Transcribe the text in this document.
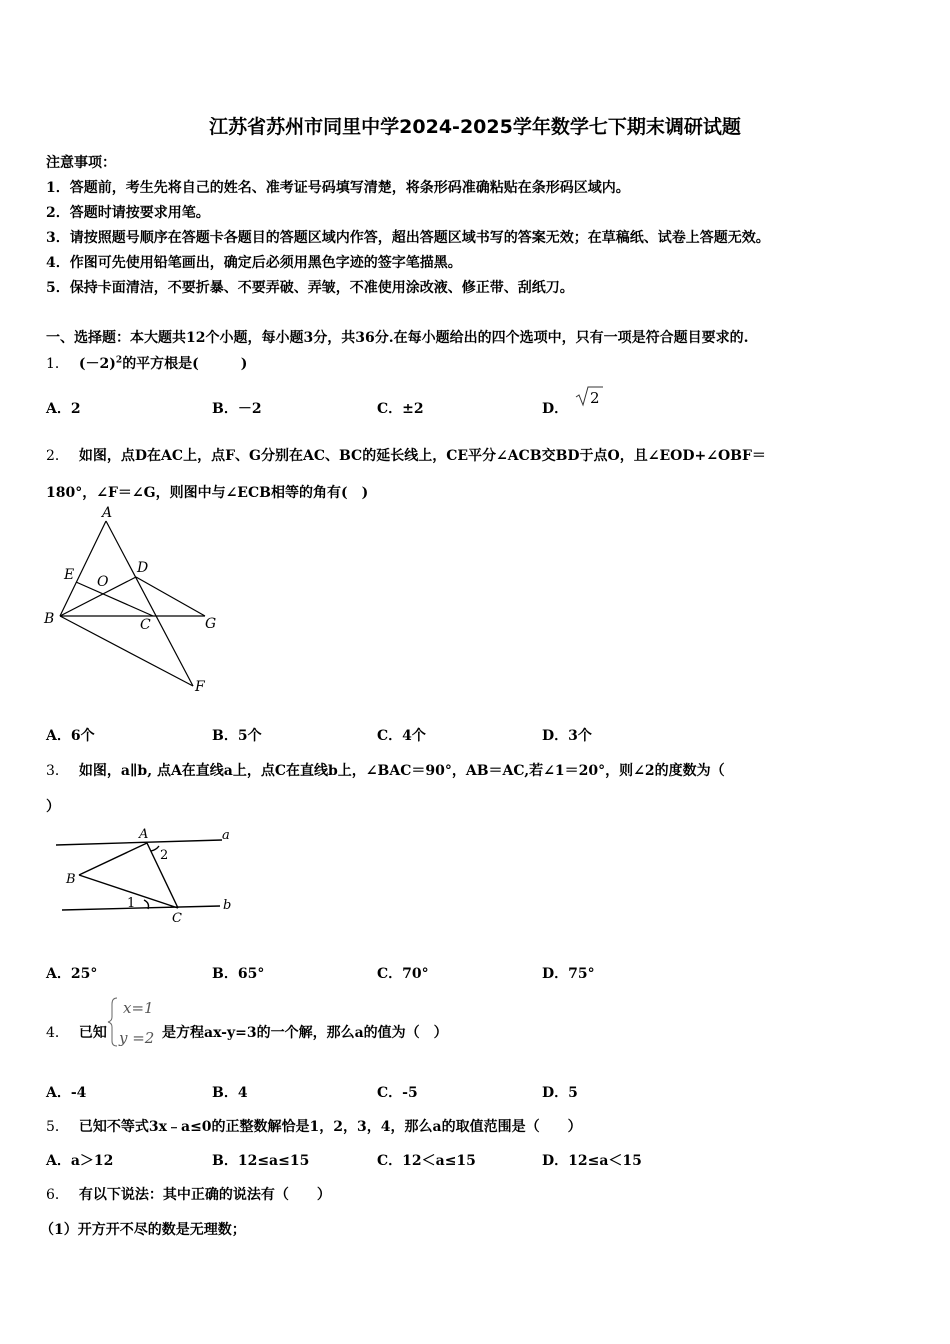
江苏省苏州市同里中学2024-2025学年数学七下期末调研试题
注意事项：
1．答题前，考生先将自己的姓名、准考证号码填写清楚，将条形码准确粘贴在条形码区域内。
2．答题时请按要求用笔。
3．请按照题号顺序在答题卡各题目的答题区域内作答，超出答题区域书写的答案无效；在草稿纸、试卷上答题无效。
4．作图可先使用铅笔画出，确定后必须用黑色字迹的签字笔描黑。
5．保持卡面清洁，不要折暴、不要弄破、弄皱，不准使用涂改液、修正带、刮纸刀。
一、选择题：本大题共12个小题，每小题3分，共36分.在每小题给出的四个选项中，只有一项是符合题目要求的.
1． $(-2)^2$的平方根是(　　　)
A．2	B．－2	C．±2	D．
2
2． 如图，点D在AC上，点F、G分别在AC、BC的延长线上，CE平分∠ACB交BD于点O，且∠EOD+∠OBF＝
180°，∠F＝∠G，则图中与∠ECB相等的角有(　)
A
E O
D
B	C	G
F
A．6个	B．5个	C．4个	D．3个
3． 如图，a∥b, 点A在直线a上，点C在直线b上，∠BAC＝90°，AB＝AC,若∠1＝20°，则∠2的度数为（
）
A	a
2
B
1
C
b
A．25°	B．65°	C．70°	D．75°
4． 已知
x=1
y =2 是方程ax-y=3的一个解，那么a的值为（　）
A．-4	B．4	C．-5	D．5
5． 已知不等式3x﹣a≤0的正整数解恰是1，2，3，4，那么a的取值范围是（　　）
A．a＞12	B．12≤a≤15	C．12＜a≤15	D．12≤a＜15
6． 有以下说法：其中正确的说法有（　　）
（1）开方开不尽的数是无理数；
